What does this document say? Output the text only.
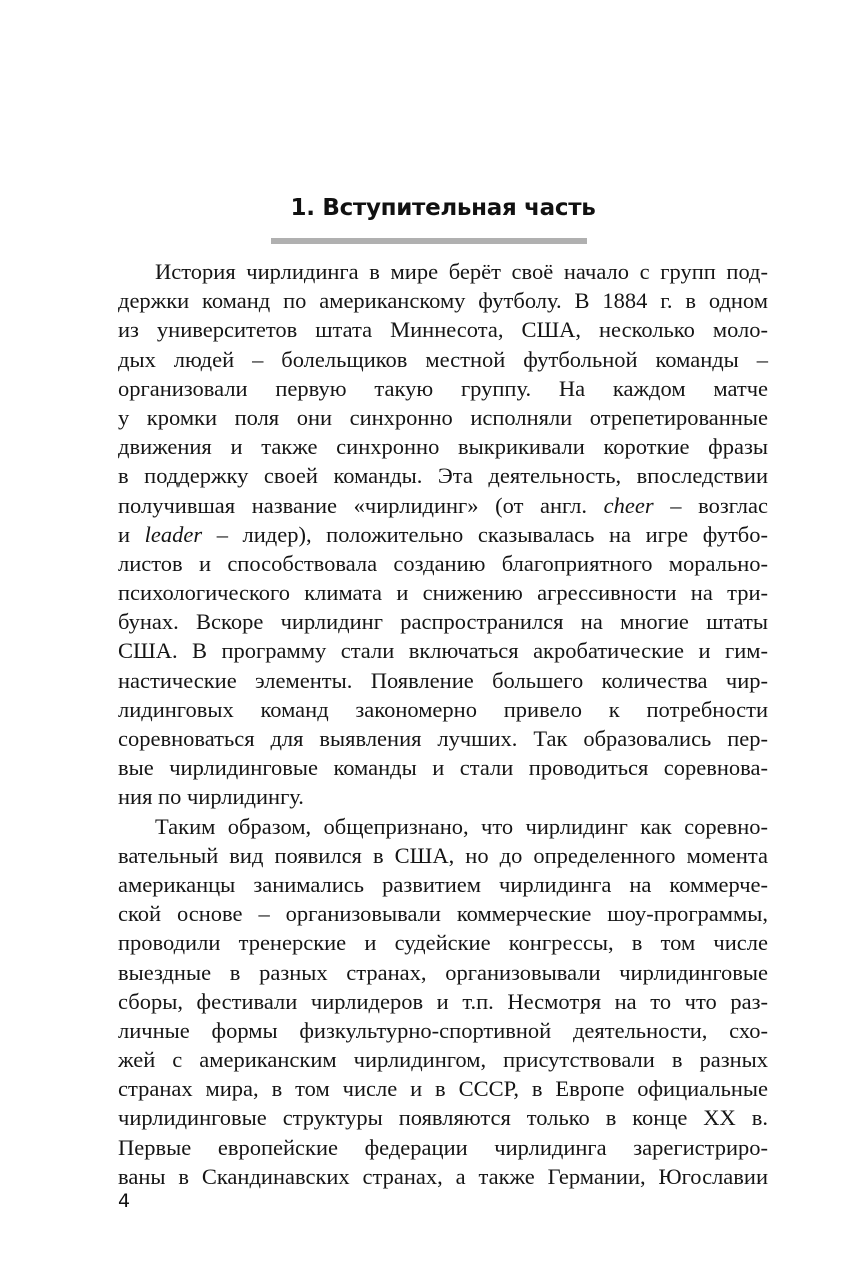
1. Вступительная часть
История чирлидинга в мире берёт своё начало с групп под-
держки команд по американскому футболу. В 1884 г. в одном
из университетов штата Миннесота, США, несколько моло-
дых людей – болельщиков местной футбольной команды –
организовали первую такую группу. На каждом матче
у кромки поля они синхронно исполняли отрепетированные
движения и также синхронно выкрикивали короткие фразы
в поддержку своей команды. Эта деятельность, впоследствии
получившая название «чирлидинг» (от англ. cheer – возглас
и leader – лидер), положительно сказывалась на игре футбо-
листов и способствовала созданию благоприятного морально-
психологического климата и снижению агрессивности на три-
бунах. Вскоре чирлидинг распространился на многие штаты
США. В программу стали включаться акробатические и гим-
настические элементы. Появление большего количества чир-
лидинговых команд закономерно привело к потребности
соревноваться для выявления лучших. Так образовались пер-
вые чирлидинговые команды и стали проводиться соревнова-
ния по чирлидингу.
Таким образом, общепризнано, что чирлидинг как соревно-
вательный вид появился в США, но до определенного момента
американцы занимались развитием чирлидинга на коммерче-
ской основе – организовывали коммерческие шоу-программы,
проводили тренерские и судейские конгрессы, в том числе
выездные в разных странах, организовывали чирлидинговые
сборы, фестивали чирлидеров и т.п. Несмотря на то что раз-
личные формы физкультурно-спортивной деятельности, схо-
жей с американским чирлидингом, присутствовали в разных
странах мира, в том числе и в СССР, в Европе официальные
чирлидинговые структуры появляются только в конце XX в.
Первые европейские федерации чирлидинга зарегистриро-
ваны в Скандинавских странах, а также Германии, Югославии
4
